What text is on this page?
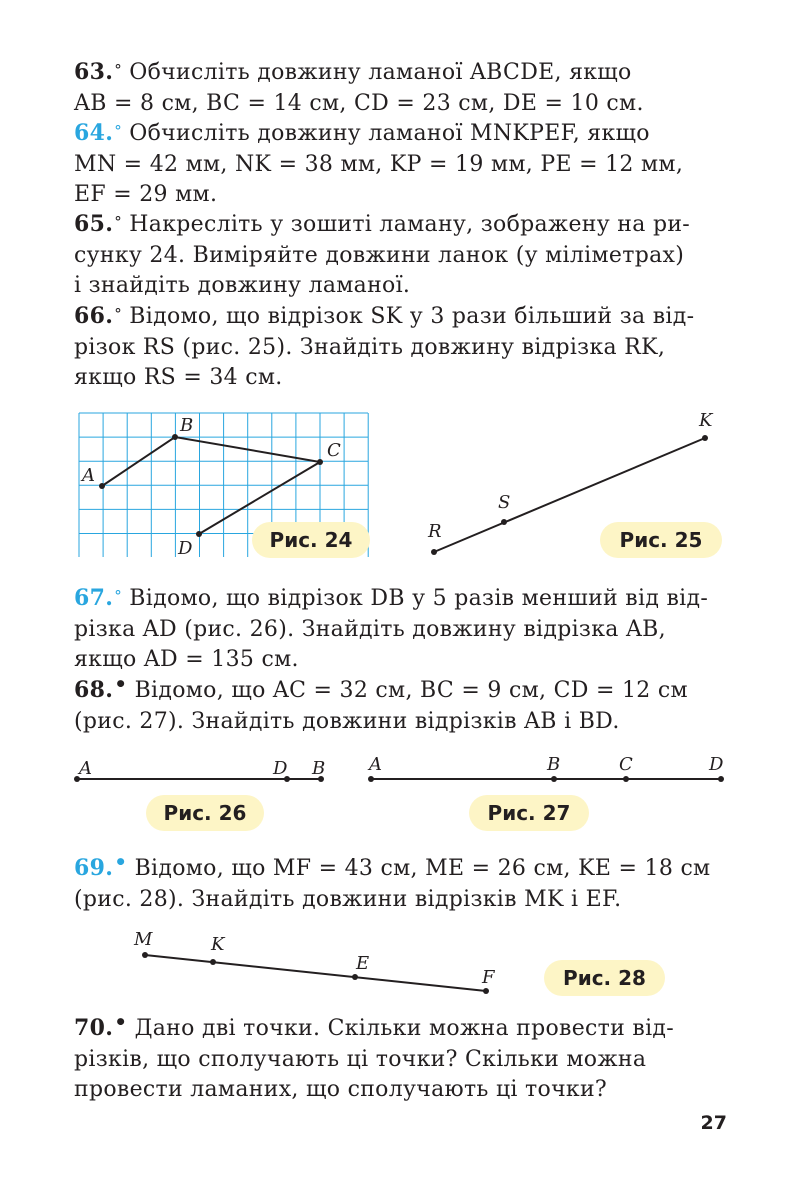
63.° Обчисліть довжину ламаної ABCDE, якщо
AB = 8 см, BC = 14 см, CD = 23 см, DE = 10 см.
64.° Обчисліть довжину ламаної MNKPEF, якщо
MN = 42 мм, NK = 38 мм, KP = 19 мм, PE = 12 мм,
EF = 29 мм.
65.° Накресліть у зошиті ламану, зображену на ри-
сунку 24. Виміряйте довжини ланок (у міліметрах)
і знайдіть довжину ламаної.
66.° Відомо, що відрізок SK у 3 рази більший за від-
різок RS (рис. 25). Знайдіть довжину відрізка RK,
якщо RS = 34 см.
A
B
C
D	Рис. 24	R
S
K
Рис. 25
67.° Відомо, що відрізок DB у 5 разів менший від від-
різка AD (рис. 26). Знайдіть довжину відрізка AB,
якщо AD = 135 см.
68.• Відомо, що AC = 32 см, BC = 9 см, CD = 12 см
(рис. 27). Знайдіть довжини відрізків AB і BD.
A	D B
Рис. 26
A	B	C	D
Рис. 27
69.• Відомо, що MF = 43 см, ME = 26 см, KE = 18 см
(рис. 28). Знайдіть довжини відрізків MK і EF.
M	K
E
F	Рис. 28
70.• Дано дві точки. Скільки можна провести від-
різків, що сполучають ці точки? Скільки можна
провести ламаних, що сполучають ці точки?
27
